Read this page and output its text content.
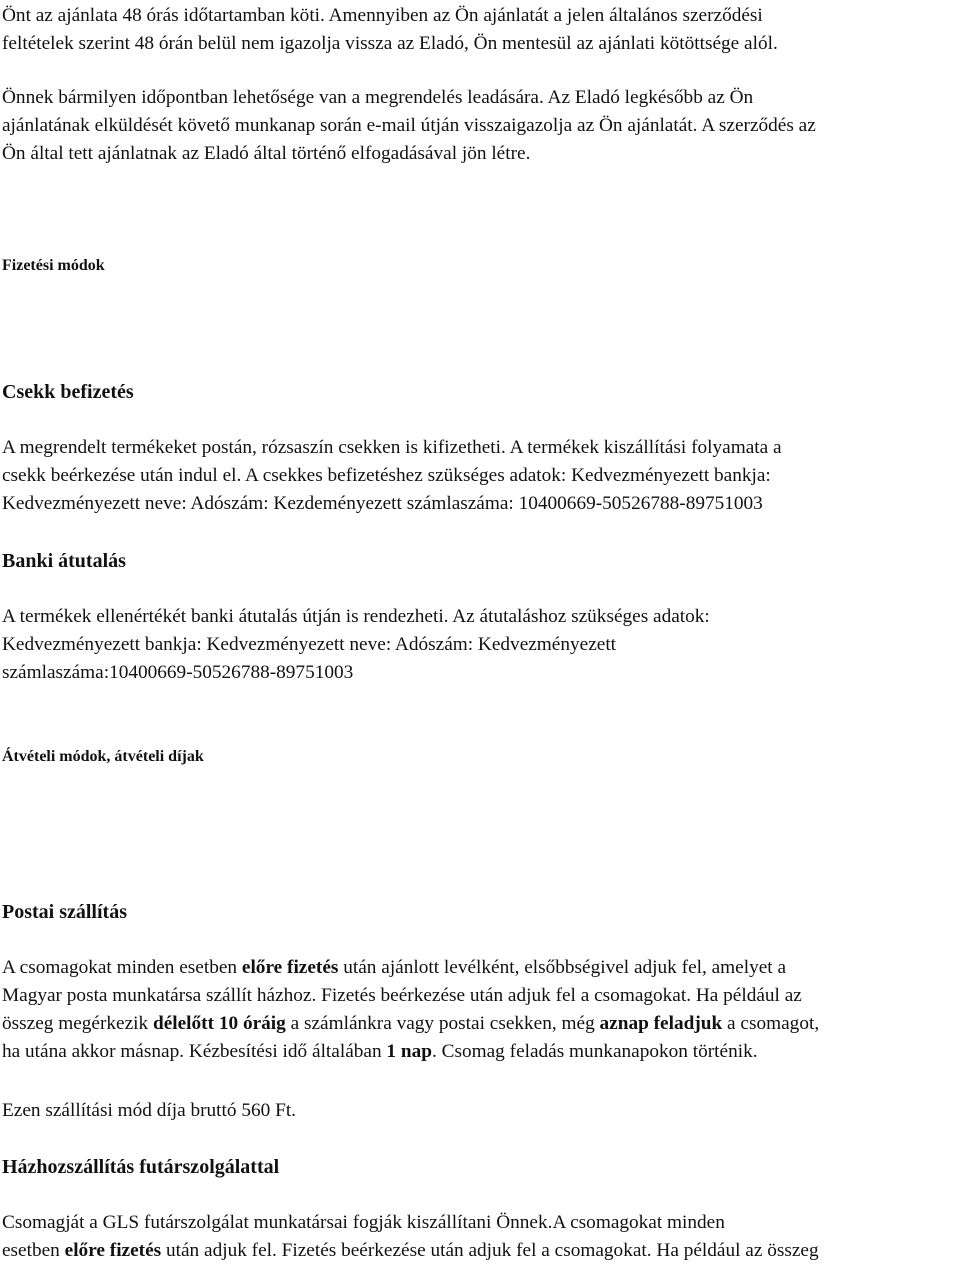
Önt az ajánlata 48 órás időtartamban köti. Amennyiben az Ön ajánlatát a jelen általános szerződési
feltételek szerint 48 órán belül nem igazolja vissza az Eladó, Ön mentesül az ajánlati kötöttsége alól.

Önnek bármilyen időpontban lehetősége van a megrendelés leadására. Az Eladó legkésőbb az Ön
ajánlatának elküldését követő munkanap során e-mail útján visszaigazolja az Ön ajánlatát. A szerződés az
Ön által tett ajánlatnak az Eladó által történő elfogadásával jön létre.

Fizetési módok
Csekk befizetés

A megrendelt termékeket postán, rózsaszín csekken is kifizetheti. A termékek kiszállítási folyamata a
csekk beérkezése után indul el. A csekkes befizetéshez szükséges adatok: Kedvezményezett bankja:
Kedvezményezett neve: Adószám: Kezdeményezett számlaszáma: 10400669-50526788-89751003

Banki átutalás

A termékek ellenértékét banki átutalás útján is rendezheti. Az átutaláshoz szükséges adatok:
Kedvezményezett bankja: Kedvezményezett neve: Adószám: Kedvezményezett
számlaszáma:10400669-50526788-89751003

Átvételi módok, átvételi díjak
Postai szállítás

A csomagokat minden esetben előre fizetés után ajánlott levélként, elsőbbségivel adjuk fel, amelyet a
Magyar posta munkatársa szállít házhoz. Fizetés beérkezése után adjuk fel a csomagokat. Ha például az
összeg megérkezik délelőtt 10 óráig a számlánkra vagy postai csekken, még aznap feladjuk a csomagot,
ha utána akkor másnap. Kézbesítési idő általában 1 nap. Csomag feladás munkanapokon történik.

Ezen szállítási mód díja bruttó 560 Ft.

Házhozszállítás futárszolgálattal

Csomagját a GLS futárszolgálat munkatársai fogják kiszállítani Önnek.A csomagokat minden
esetben előre fizetés után adjuk fel. Fizetés beérkezése után adjuk fel a csomagokat. Ha például az összeg
